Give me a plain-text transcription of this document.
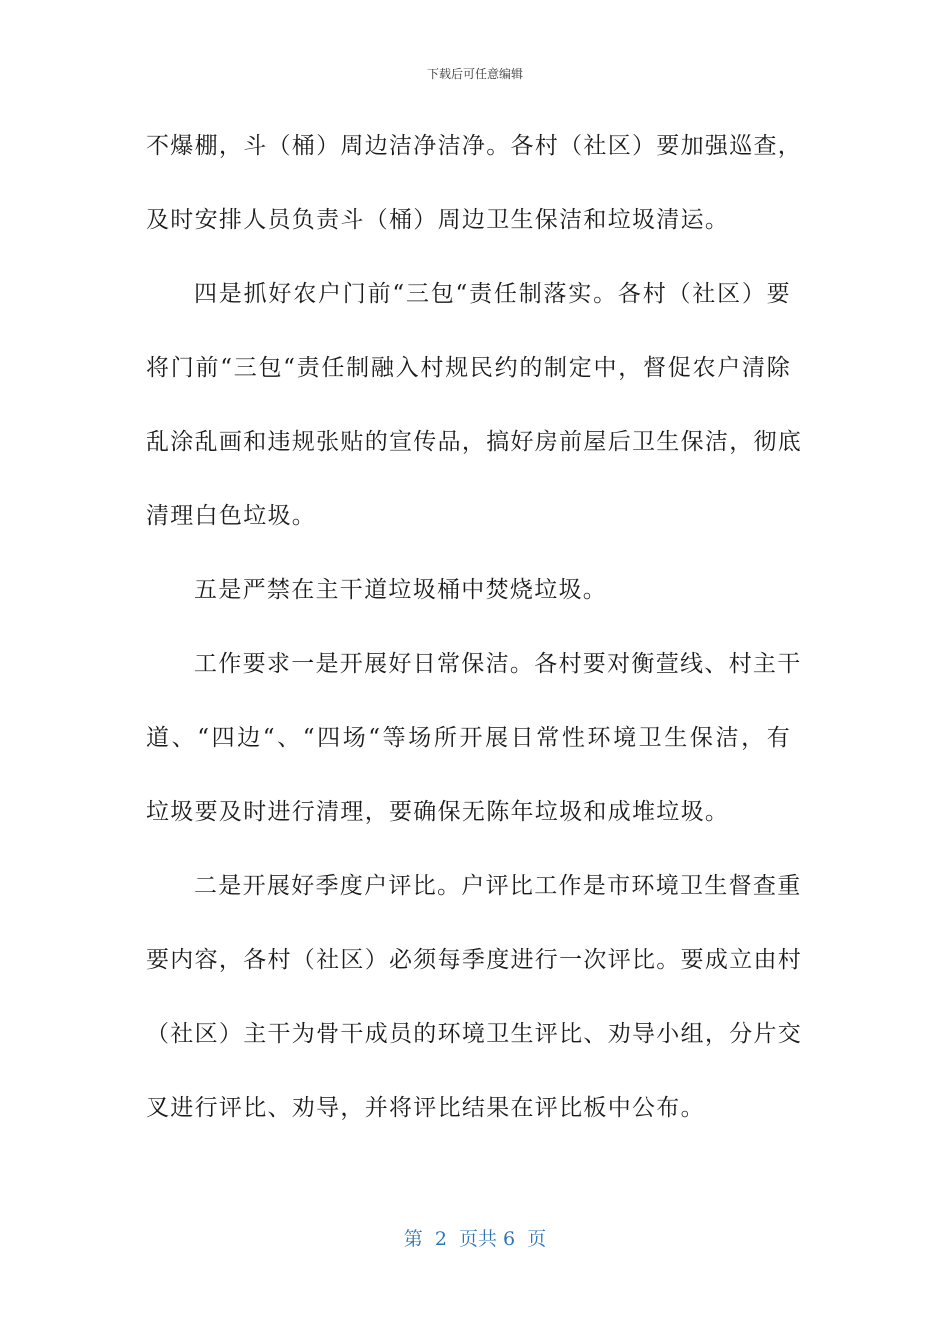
下载后可任意编辑
不爆棚，斗（桶）周边洁净洁净。各村（社区）要加强巡查，
及时安排人员负责斗（桶）周边卫生保洁和垃圾清运。
四是抓好农户门前“三包“责任制落实。各村（社区）要
将门前“三包“责任制融入村规民约的制定中，督促农户清除
乱涂乱画和违规张贴的宣传品，搞好房前屋后卫生保洁，彻底
清理白色垃圾。
五是严禁在主干道垃圾桶中焚烧垃圾。
工作要求一是开展好日常保洁。各村要对衡萱线、村主干
道、“四边“、“四场“等场所开展日常性环境卫生保洁，有
垃圾要及时进行清理，要确保无陈年垃圾和成堆垃圾。
二是开展好季度户评比。户评比工作是市环境卫生督查重
要内容，各村（社区）必须每季度进行一次评比。要成立由村
（社区）主干为骨干成员的环境卫生评比、劝导小组，分片交
叉进行评比、劝导，并将评比结果在评比板中公布。
第  2  页共 6  页
